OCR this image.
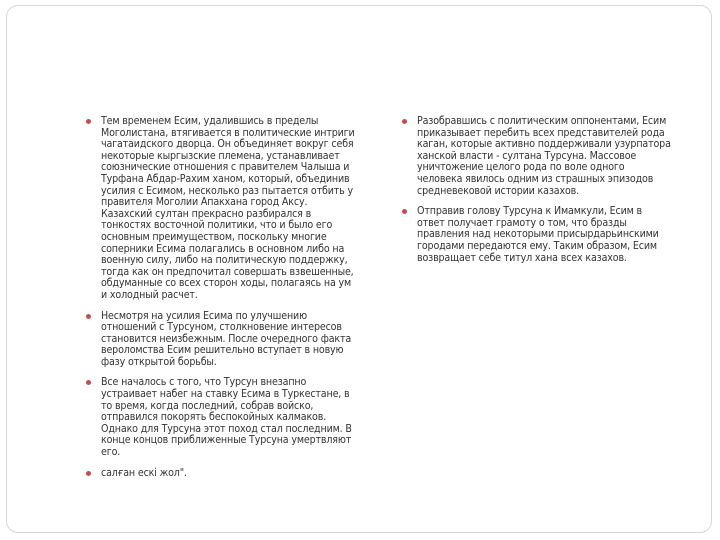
Тем временем Есим, удалившись в пределы Моголистана, втягивается в политические интриги чагатаидского дворца. Он объединяет вокруг себя некоторые кыргызские племена, устанавливает союзнические отношения с правителем Чалыша и Турфана Абдар-Рахим ханом, который, объединив усилия с Есимом, несколько раз пытается отбить у правителя Моголии Апакхана город Аксу. Казахский султан прекрасно разбирался в тонкостях восточной политики, что и было его основным преимуществом, поскольку многие соперники Есима полагались в основном либо на военную силу, либо на политическую поддержку, тогда как он предпочитал совершать взвешенные, обдуманные со всех сторон ходы, полагаясь на ум и холодный расчет.
Несмотря на усилия Есима по улучшению отношений с Турсуном, столкновение интересов становится неизбежным. После очередного факта вероломства Есим решительно вступает в новую фазу открытой борьбы.
Все началось с того, что Турсун внезапно устраивает набег на ставку Есима в Туркестане, в то время, когда последний, собрав войско, отправился покорять беспокойных калмаков. Однако для Турсуна этот поход стал последним. В конце концов приближенные Турсуна умертвляют его.
салған ескі жол".
Разобравшись с политическим оппонентами, Есим приказывает перебить всех представителей рода каган, которые активно поддерживали узурпатора ханской власти - султана Турсуна. Массовое уничтожение целого рода по воле одного человека явилось одним из страшных эпизодов средневековой истории казахов.
Отправив голову Турсуна к Имамкули, Есим в ответ получает грамоту о том, что бразды правления над некоторыми присырдарьинскими городами передаются ему. Таким образом, Есим возвращает себе титул хана всех казахов.
